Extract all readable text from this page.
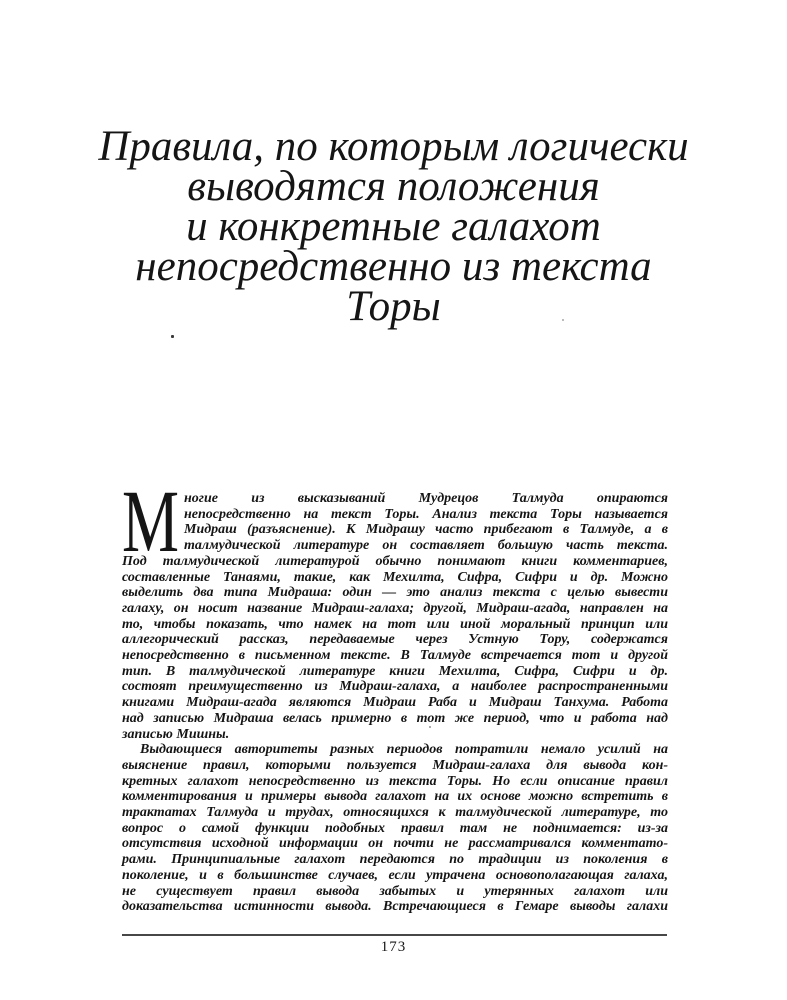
Правила, по которым логически
выводятся положения
и конкретные галахот
непосредственно из текста
Торы
М ногие из высказываний Мудрецов Талмуда опираются
непосредственно на текст Торы. Анализ текста Торы называется
Мидраш (разъяснение). К Мидрашу часто прибегают в Талмуде, а в
талмудической литературе он составляет большую часть текста.
Под талмудической литературой обычно понимают книги комментариев,
составленные Танаями, такие, как Мехилта, Сифра, Сифри и др. Можно
выделить два типа Мидраша: один — это анализ текста с целью вывести
галаху, он носит название Мидраш-галаха; другой, Мидраш-агада, направлен на
то, чтобы показать, что намек на тот или иной моральный принцип или
аллегорический рассказ, передаваемые через Устную Тору, содержатся
непосредственно в письменном тексте. В Талмуде встречается тот и другой
тип. В талмудической литературе книги Мехилта, Сифра, Сифри и др.
состоят преимущественно из Мидраш-галаха, а наиболее распространенными
книгами Мидраш-агада являются Мидраш Раба и Мидраш Танхума. Работа
над записью Мидраша велась примерно в тот же период, что и работа над
записью Мишны.
Выдающиеся авторитеты разных периодов потратили немало усилий на
выяснение правил, которыми пользуется Мидраш-галаха для вывода кон-
кретных галахот непосредственно из текста Торы. Но если описание правил
комментирования и примеры вывода галахот на их основе можно встретить в
трактатах Талмуда и трудах, относящихся к талмудической литературе, то
вопрос о самой функции подобных правил там не поднимается: из-за
отсутствия исходной информации он почти не рассматривался комментато-
рами. Принципиальные галахот передаются по традиции из поколения в
поколение, и в большинстве случаев, если утрачена основополагающая галаха,
не существует правил вывода забытых и утерянных галахот или
доказательства истинности вывода. Встречающиеся в Гемаре выводы галахи
173
